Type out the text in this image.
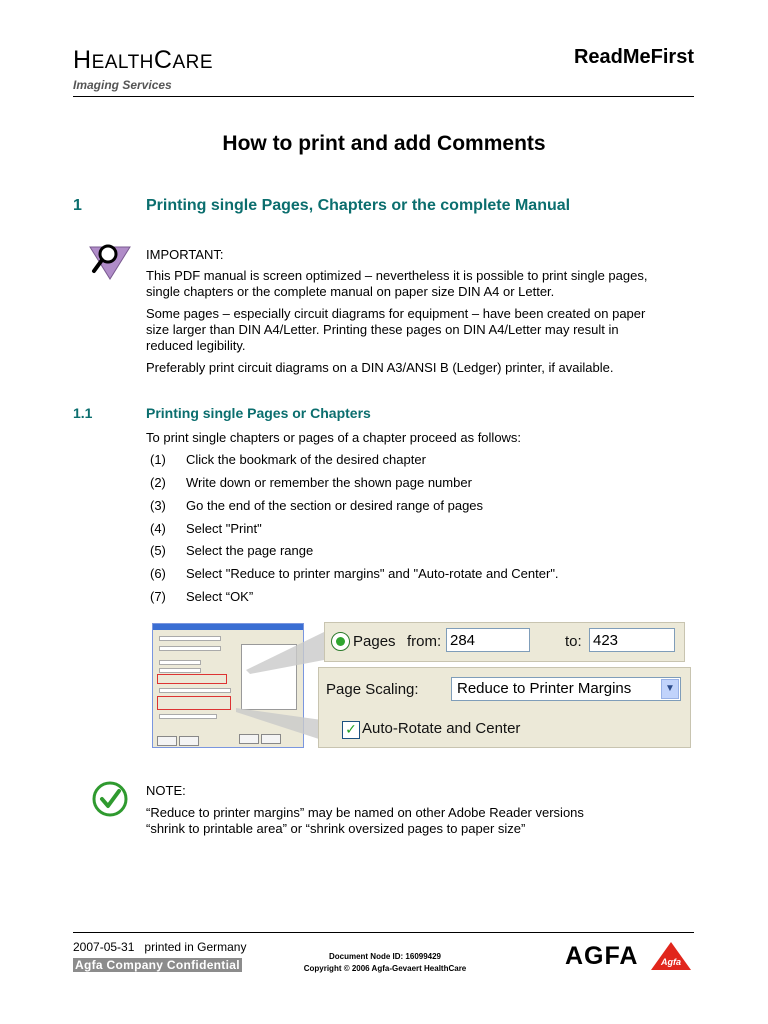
HEALTHCARE
Imaging Services
ReadMeFirst
How to print and add Comments
1	Printing single Pages, Chapters or the complete Manual
IMPORTANT:
This PDF manual is screen optimized – nevertheless it is possible to print single pages,
single chapters or the complete manual on paper size DIN A4 or Letter.
Some pages – especially circuit diagrams for equipment – have been created on paper
size larger than DIN A4/Letter. Printing these pages on DIN A4/Letter may result in
reduced legibility.
Preferably print circuit diagrams on a DIN A3/ANSI B (Ledger) printer, if available.
1.1	Printing single Pages or Chapters
To print single chapters or pages of a chapter proceed as follows:
(1) Click the bookmark of the desired chapter
(2) Write down or remember the shown page number
(3) Go the end of the section or desired range of pages
(4) Select "Print"
(5) Select the page range
(6) Select "Reduce to printer margins" and "Auto-rotate and Center".
(7) Select “OK”
Pages from: 284	to: 423
Page Scaling:	Reduce to Printer Margins	▼
✓ Auto-Rotate and Center
NOTE:
“Reduce to printer margins” may be named on other Adobe Reader versions
“shrink to printable area” or “shrink oversized pages to paper size”
2007-05-31 printed in Germany
Agfa Company Confidential
Document Node ID: 16099429
Copyright © 2006 Agfa-Gevaert HealthCare	AGFA	Agfa
